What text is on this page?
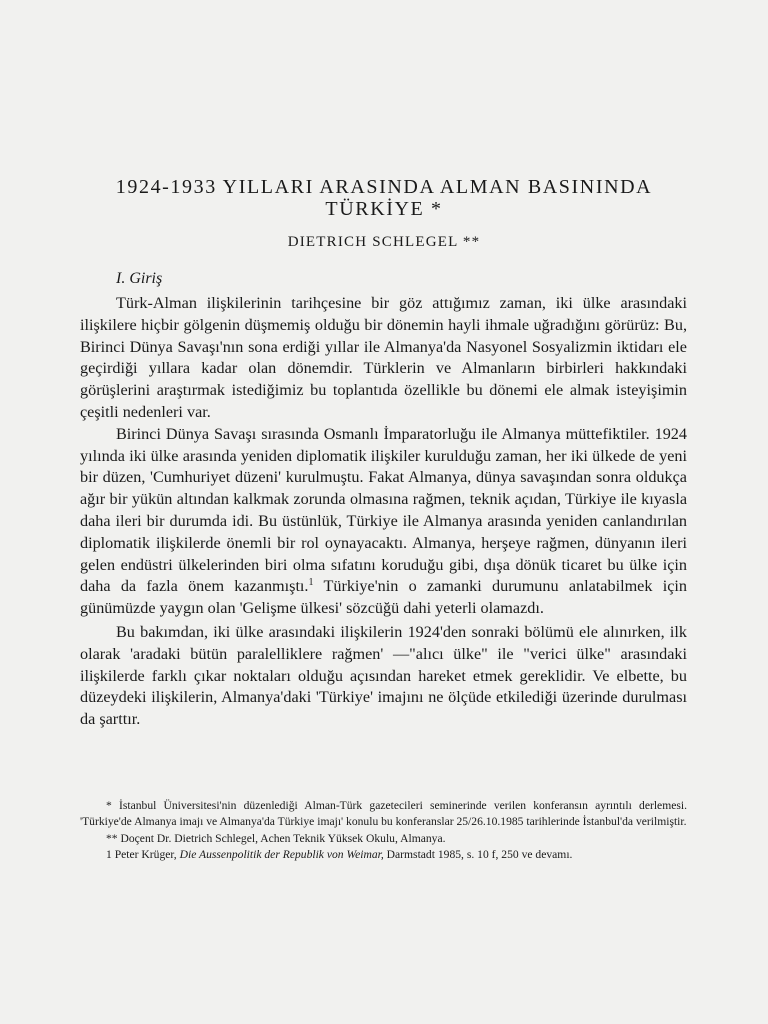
1924-1933 YILLARI ARASINDA ALMAN BASININDA
TÜRKİYE *
DIETRICH SCHLEGEL **
I. Giriş

Türk-Alman ilişkilerinin tarihçesine bir göz attığımız zaman, iki ülke arasındaki ilişkilere hiçbir gölgenin düşmemiş olduğu bir dönemin hayli ihmale uğradığını görürüz: Bu, Birinci Dünya Savaşı'nın sona erdiği yıllar ile Almanya'da Nasyonel Sosyalizmin iktidarı ele geçirdiği yıllara kadar olan dönemdir. Türklerin ve Almanların birbirleri hakkındaki görüşlerini araştırmak istediğimiz bu toplantıda özellikle bu dönemi ele almak isteyişimin çeşitli nedenleri var.

Birinci Dünya Savaşı sırasında Osmanlı İmparatorluğu ile Almanya müttefiktiler. 1924 yılında iki ülke arasında yeniden diplomatik ilişkiler kurulduğu zaman, her iki ülkede de yeni bir düzen, 'Cumhuriyet düzeni' kurulmuştu. Fakat Almanya, dünya savaşından sonra oldukça ağır bir yükün altından kalkmak zorunda olmasına rağmen, teknik açıdan, Türkiye ile kıyasla daha ileri bir durumda idi. Bu üstünlük, Türkiye ile Almanya arasında yeniden canlandırılan diplomatik ilişkilerde önemli bir rol oynayacaktı. Almanya, herşeye rağmen, dünyanın ileri gelen endüstri ülkelerinden biri olma sıfatını koruduğu gibi, dışa dönük ticaret bu ülke için daha da fazla önem kazanmıştı.$^1$ Türkiye'nin o zamanki durumunu anlatabilmek için günümüzde yaygın olan 'Gelişme ülkesi' sözcüğü dahi yeterli olamazdı.

Bu bakımdan, iki ülke arasındaki ilişkilerin 1924'den sonraki bölümü ele alınırken, ilk olarak 'aradaki bütün paralelliklere rağmen' —"alıcı ülke" ile "verici ülke" arasındaki ilişkilerde farklı çıkar noktaları olduğu açısından hareket etmek gereklidir. Ve elbette, bu düzeydeki ilişkilerin, Almanya'daki 'Türkiye' imajını ne ölçüde etkilediği üzerinde durulması da şarttır.

* İstanbul Üniversitesi'nin düzenlediği Alman-Türk gazetecileri seminerinde verilen konferansın ayrıntılı derlemesi. 'Türkiye'de Almanya imajı ve Almanya'da Türkiye imajı' konulu bu konferanslar 25/26.10.1985 tarihlerinde İstanbul'da verilmiştir.

** Doçent Dr. Dietrich Schlegel, Achen Teknik Yüksek Okulu, Almanya.

1 Peter Krüger, Die Aussenpolitik der Republik von Weimar, Darmstadt 1985, s. 10 f, 250 ve devamı.
